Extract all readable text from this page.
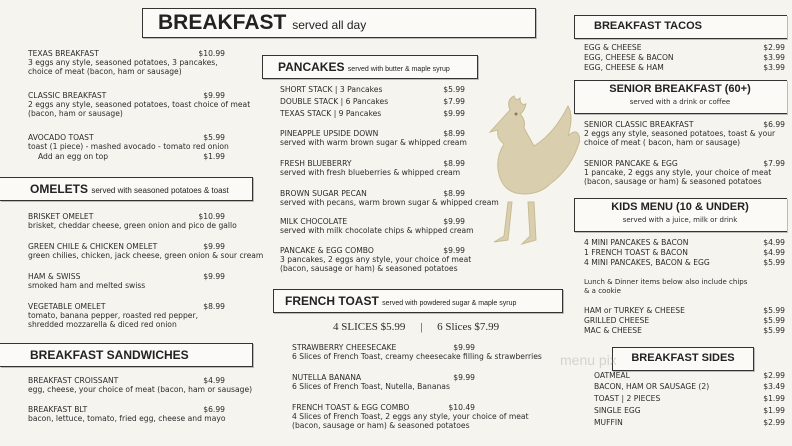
BREAKFAST served all day
TEXAS BREAKFAST	$10.99
3 eggs any style, seasoned potatoes, 3 pancakes,
choice of meat (bacon, ham or sausage)
CLASSIC BREAKFAST	$9.99
2 eggs any style, seasoned potatoes, toast choice of meat
(bacon, ham or sausage)
AVOCADO TOAST	$5.99
toast (1 piece) - mashed avocado - tomato red onion
Add an egg on top	$1.99
OMELETS served with seasoned potatoes & toast
BRISKET OMELET	$10.99
brisket, cheddar cheese, green onion and pico de gallo
GREEN CHILE & CHICKEN OMELET	$9.99
green chilies, chicken, jack cheese, green onion & sour cream
HAM & SWISS	$9.99
smoked ham and melted swiss
VEGETABLE OMELET	$8.99
tomato, banana pepper, roasted red pepper,
shredded mozzarella & diced red onion
BREAKFAST SANDWICHES
BREAKFAST CROISSANT	$4.99
egg, cheese, your choice of meat (bacon, ham or sausage)
BREAKFAST BLT	$6.99
bacon, lettuce, tomato, fried egg, cheese and mayo
PANCAKES served with butter & maple syrup
SHORT STACK | 3 Pancakes	$5.99
DOUBLE STACK | 6 Pancakes	$7.99
TEXAS STACK | 9 Pancakes	$9.99
PINEAPPLE UPSIDE DOWN	$8.99
served with warm brown sugar & whipped cream
FRESH BLUEBERRY	$8.99
served with fresh blueberries & whipped cream
BROWN SUGAR PECAN	$8.99
served with pecans, warm brown sugar & whipped cream
MILK CHOCOLATE	$9.99
served with milk chocolate chips & whipped cream
PANCAKE & EGG COMBO	$9.99
3 pancakes, 2 eggs any style, your choice of meat
(bacon, sausage or ham) & seasoned potatoes
FRENCH TOAST served with powdered sugar & maple syrup
4 SLICES $5.99 | 6 Slices $7.99
STRAWBERRY CHEESECAKE	$9.99
6 Slices of French Toast, creamy cheesecake filling & strawberries
NUTELLA BANANA	$9.99
6 Slices of French Toast, Nutella, Bananas
FRENCH TOAST & EGG COMBO	$10.49
4 Slices of French Toast, 2 eggs any style, your choice of meat
(bacon, sausage or ham) & seasoned potatoes
BREAKFAST TACOS
EGG & CHEESE	$2.99
EGG, CHEESE & BACON	$3.99
EGG, CHEESE & HAM	$3.99
SENIOR BREAKFAST (60+)
served with a drink or coffee
SENIOR CLASSIC BREAKFAST	$6.99
2 eggs any style, seasoned potatoes, toast & your
choice of meat ( bacon, ham or sausage)
SENIOR PANCAKE & EGG	$7.99
1 pancake, 2 eggs any style, your choice of meat
(bacon, sausage or ham) & seasoned potatoes
KIDS MENU (10 & UNDER)
served with a juice, milk or drink
4 MINI PANCAKES & BACON	$4.99
1 FRENCH TOAST & BACON	$4.99
4 MINI PANCAKES, BACON & EGG	$5.99
Lunch & Dinner items below also include chips
& a cookie
HAM or TURKEY & CHEESE	$5.99
GRILLED CHEESE	$5.99
MAC & CHEESE	$5.99
BREAKFAST SIDES
menu pix
OATMEAL	$2.99
BACON, HAM OR SAUSAGE (2)	$3.49
TOAST | 2 PIECES	$1.99
SINGLE EGG	$1.99
MUFFIN	$2.99
